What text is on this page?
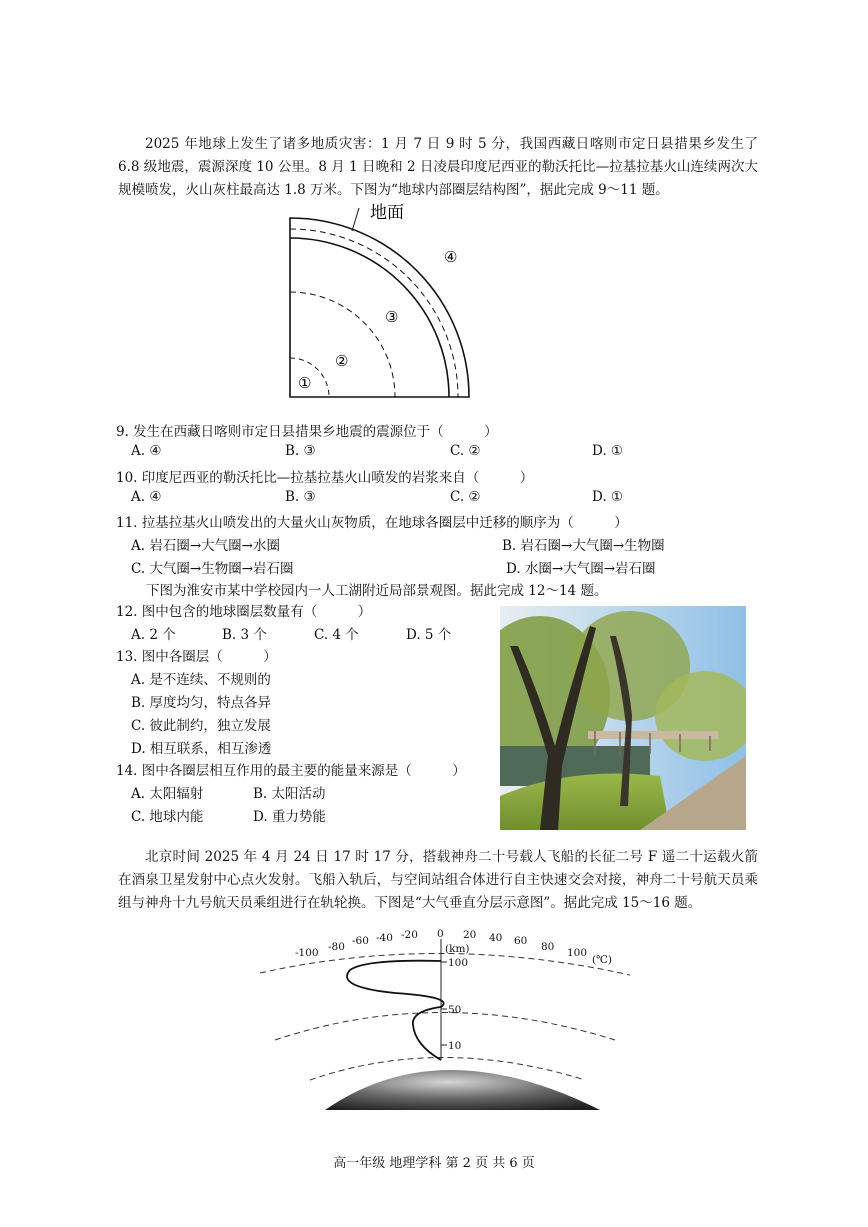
2025 年地球上发生了诸多地质灾害：1 月 7 日 9 时 5 分，我国西藏日喀则市定日县措果乡发生了 6.8 级地震，震源深度 10 公里。8 月 1 日晚和 2 日凌晨印度尼西亚的勒沃托比—拉基拉基火山连续两次大规模喷发，火山灰柱最高达 1.8 万米。下图为“地球内部圈层结构图”，据此完成 9～11 题。
地面
④
③
②
①
9. 发生在西藏日喀则市定日县措果乡地震的震源位于（　　　）
A. ④	B. ③	C. ②	D. ①
10. 印度尼西亚的勒沃托比—拉基拉基火山喷发的岩浆来自（　　　）
A. ④	B. ③	C. ②	D. ①
11. 拉基拉基火山喷发出的大量火山灰物质，在地球各圈层中迁移的顺序为（　　　）
A. 岩石圈→大气圈→水圈	B. 岩石圈→大气圈→生物圈
C. 大气圈→生物圈→岩石圈	D. 水圈→大气圈→岩石圈
下图为淮安市某中学校园内一人工湖附近局部景观图。据此完成 12～14 题。
12. 图中包含的地球圈层数量有（　　　）
A. 2 个	B. 3 个	C. 4 个	D. 5 个
13. 图中各圈层（　　　）
A. 是不连续、不规则的
B. 厚度均匀，特点各异
C. 彼此制约，独立发展
D. 相互联系，相互渗透
14. 图中各圈层相互作用的最主要的能量来源是（　　　）
A. 太阳辐射	B. 太阳活动
C. 地球内能	D. 重力势能
北京时间 2025 年 4 月 24 日 17 时 17 分，搭载神舟二十号载人飞船的长征二号 F 遥二十运载火箭在酒泉卫星发射中心点火发射。飞船入轨后，与空间站组合体进行自主快速交会对接，神舟二十号航天员乘组与神舟十九号航天员乘组进行在轨轮换。下图是“大气垂直分层示意图”。据此完成 15～16 题。
-100 -80 -60 -40 -20 0 20 40 60 80 100
(℃)
(km)
100
50
10
高一年级 地理学科 第 2 页 共 6 页
